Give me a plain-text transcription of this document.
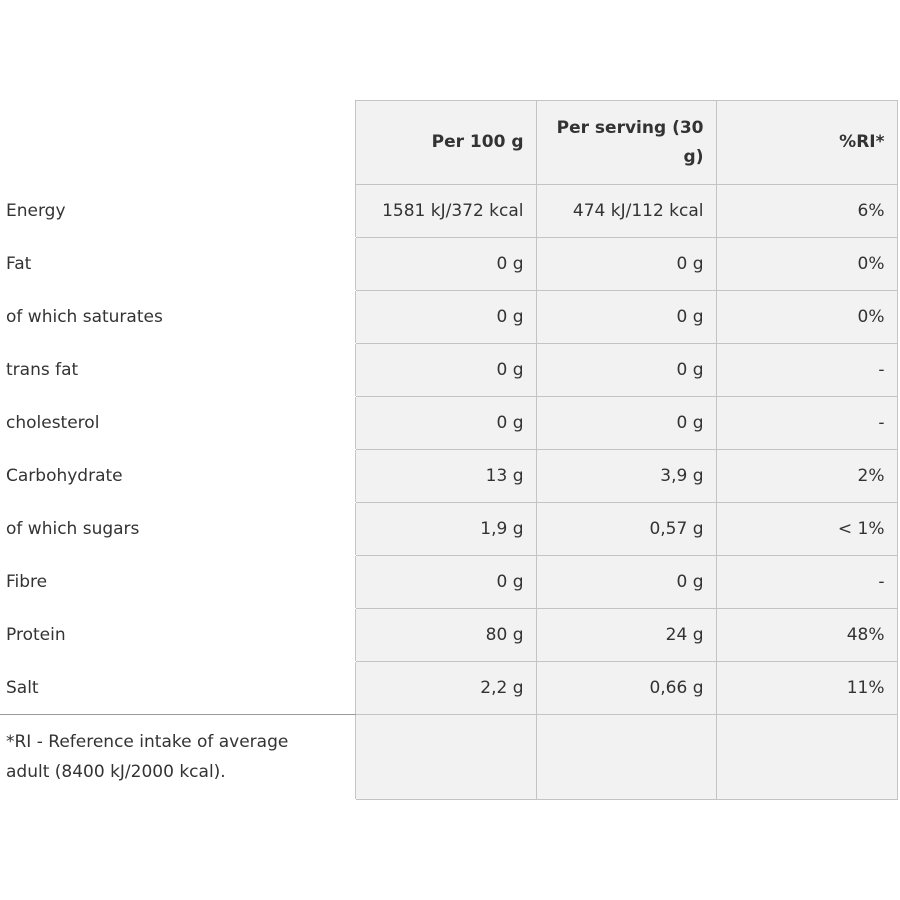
	Per 100 g	Per serving (30 g)	%RI*
Energy	1581 kJ/372 kcal	474 kJ/112 kcal	6%
Fat	0 g	0 g	0%
of which saturates	0 g	0 g	0%
trans fat	0 g	0 g	-
cholesterol	0 g	0 g	-
Carbohydrate	13 g	3,9 g	2%
of which sugars	1,9 g	0,57 g	< 1%
Fibre	0 g	0 g	-
Protein	80 g	24 g	48%
Salt	2,2 g	0,66 g	11%
*RI - Reference intake of average adult (8400 kJ/2000 kcal).			
